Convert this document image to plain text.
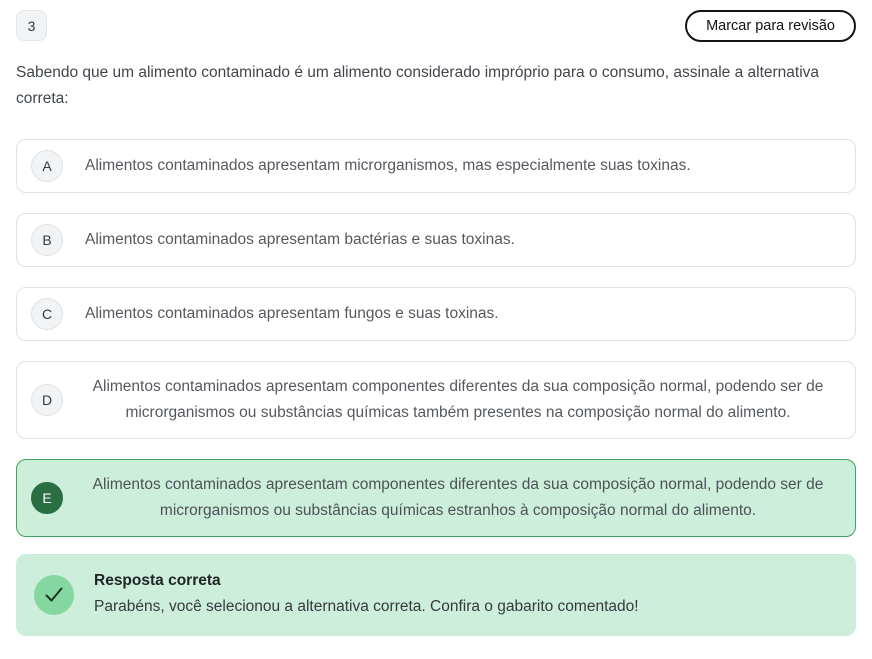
3	Marcar para revisão

Sabendo que um alimento contaminado é um alimento considerado impróprio para o consumo, assinale a alternativa correta:

A	Alimentos contaminados apresentam microrganismos, mas especialmente suas toxinas.
B	Alimentos contaminados apresentam bactérias e suas toxinas.
C	Alimentos contaminados apresentam fungos e suas toxinas.
D
Alimentos contaminados apresentam componentes diferentes da sua composição normal, podendo ser de microrganismos ou substâncias químicas também presentes na composição normal do alimento.
E
Alimentos contaminados apresentam componentes diferentes da sua composição normal, podendo ser de microrganismos ou substâncias químicas estranhos à composição normal do alimento.
Resposta correta
Parabéns, você selecionou a alternativa correta. Confira o gabarito comentado!
